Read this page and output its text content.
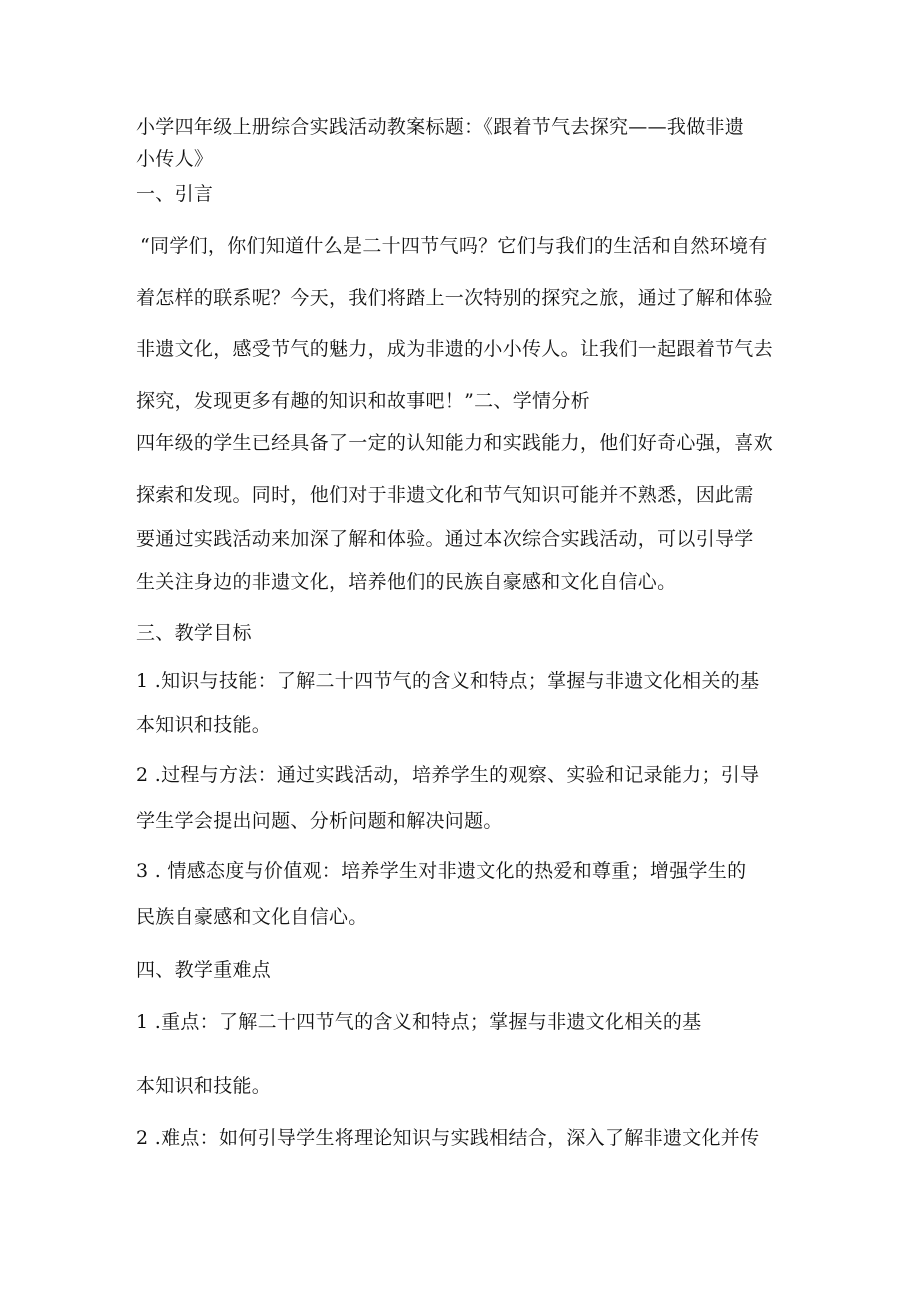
小学四年级上册综合实践活动教案标题：《跟着节气去探究——我做非遗
小传人》
一、引言
“同学们，你们知道什么是二十四节气吗？它们与我们的生活和自然环境有
着怎样的联系呢？今天，我们将踏上一次特别的探究之旅，通过了解和体验
非遗文化，感受节气的魅力，成为非遗的小小传人。让我们一起跟着节气去
探究，发现更多有趣的知识和故事吧！”二、学情分析
四年级的学生已经具备了一定的认知能力和实践能力，他们好奇心强，喜欢
探索和发现。同时，他们对于非遗文化和节气知识可能并不熟悉，因此需
要通过实践活动来加深了解和体验。通过本次综合实践活动，可以引导学
生关注身边的非遗文化，培养他们的民族自豪感和文化自信心。
三、教学目标
1 .知识与技能：了解二十四节气的含义和特点；掌握与非遗文化相关的基
本知识和技能。
2 .过程与方法：通过实践活动，培养学生的观察、实验和记录能力；引导
学生学会提出问题、分析问题和解决问题。
3 . 情感态度与价值观：培养学生对非遗文化的热爱和尊重；增强学生的
民族自豪感和文化自信心。
四、教学重难点
1 .重点：了解二十四节气的含义和特点；掌握与非遗文化相关的基
本知识和技能。
2 .难点：如何引导学生将理论知识与实践相结合，深入了解非遗文化并传
